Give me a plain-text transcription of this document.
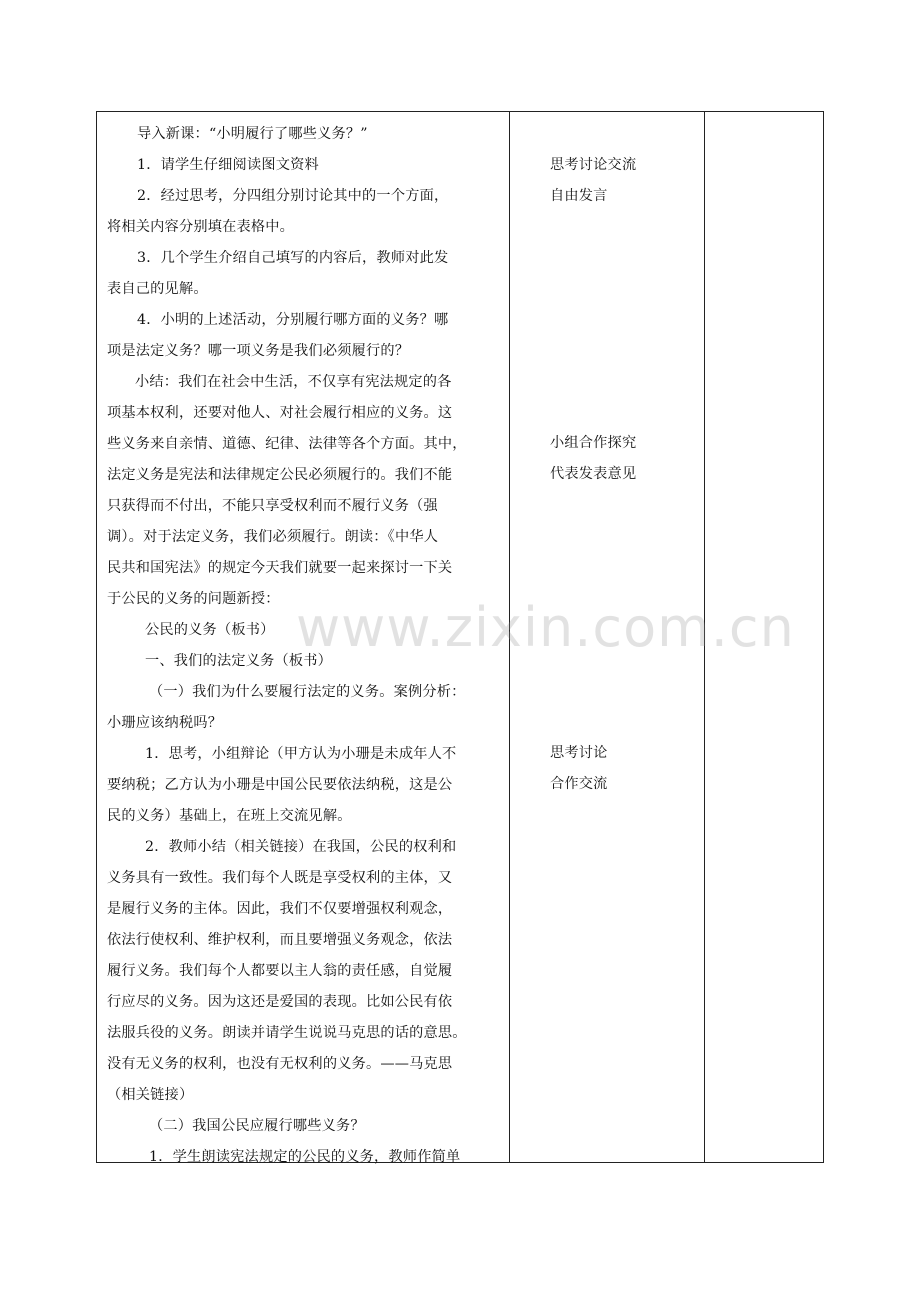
导入新课：“小明履行了哪些义务？”
1．请学生仔细阅读图文资料
2．经过思考，分四组分别讨论其中的一个方面，
将相关内容分别填在表格中。
3．几个学生介绍自己填写的内容后，教师对此发
表自己的见解。
4．小明的上述活动，分别履行哪方面的义务？哪
项是法定义务？哪一项义务是我们必须履行的？
小结：我们在社会中生活，不仅享有宪法规定的各
项基本权利，还要对他人、对社会履行相应的义务。这
些义务来自亲情、道德、纪律、法律等各个方面。其中，
法定义务是宪法和法律规定公民必须履行的。我们不能
只获得而不付出，不能只享受权利而不履行义务（强
调）。对于法定义务，我们必须履行。朗读：《中华人
民共和国宪法》的规定今天我们就要一起来探讨一下关
于公民的义务的问题新授：
公民的义务（板书）
一、我们的法定义务（板书）
（一）我们为什么要履行法定的义务。案例分析：
小珊应该纳税吗？
1．思考，小组辩论（甲方认为小珊是未成年人不
要纳税；乙方认为小珊是中国公民要依法纳税，这是公
民的义务）基础上，在班上交流见解。
2．教师小结（相关链接）在我国，公民的权利和
义务具有一致性。我们每个人既是享受权利的主体，又
是履行义务的主体。因此，我们不仅要增强权利观念，
依法行使权利、维护权利，而且要增强义务观念，依法
履行义务。我们每个人都要以主人翁的责任感，自觉履
行应尽的义务。因为这还是爱国的表现。比如公民有依
法服兵役的义务。朗读并请学生说说马克思的话的意思。
没有无义务的权利，也没有无权利的义务。——马克思
（相关链接）
（二）我国公民应履行哪些义务？
1．学生朗读宪法规定的公民的义务，教师作简单
思考讨论交流
自由发言
小组合作探究
代表发表意见
思考讨论
合作交流
www.zixin.com.cn
